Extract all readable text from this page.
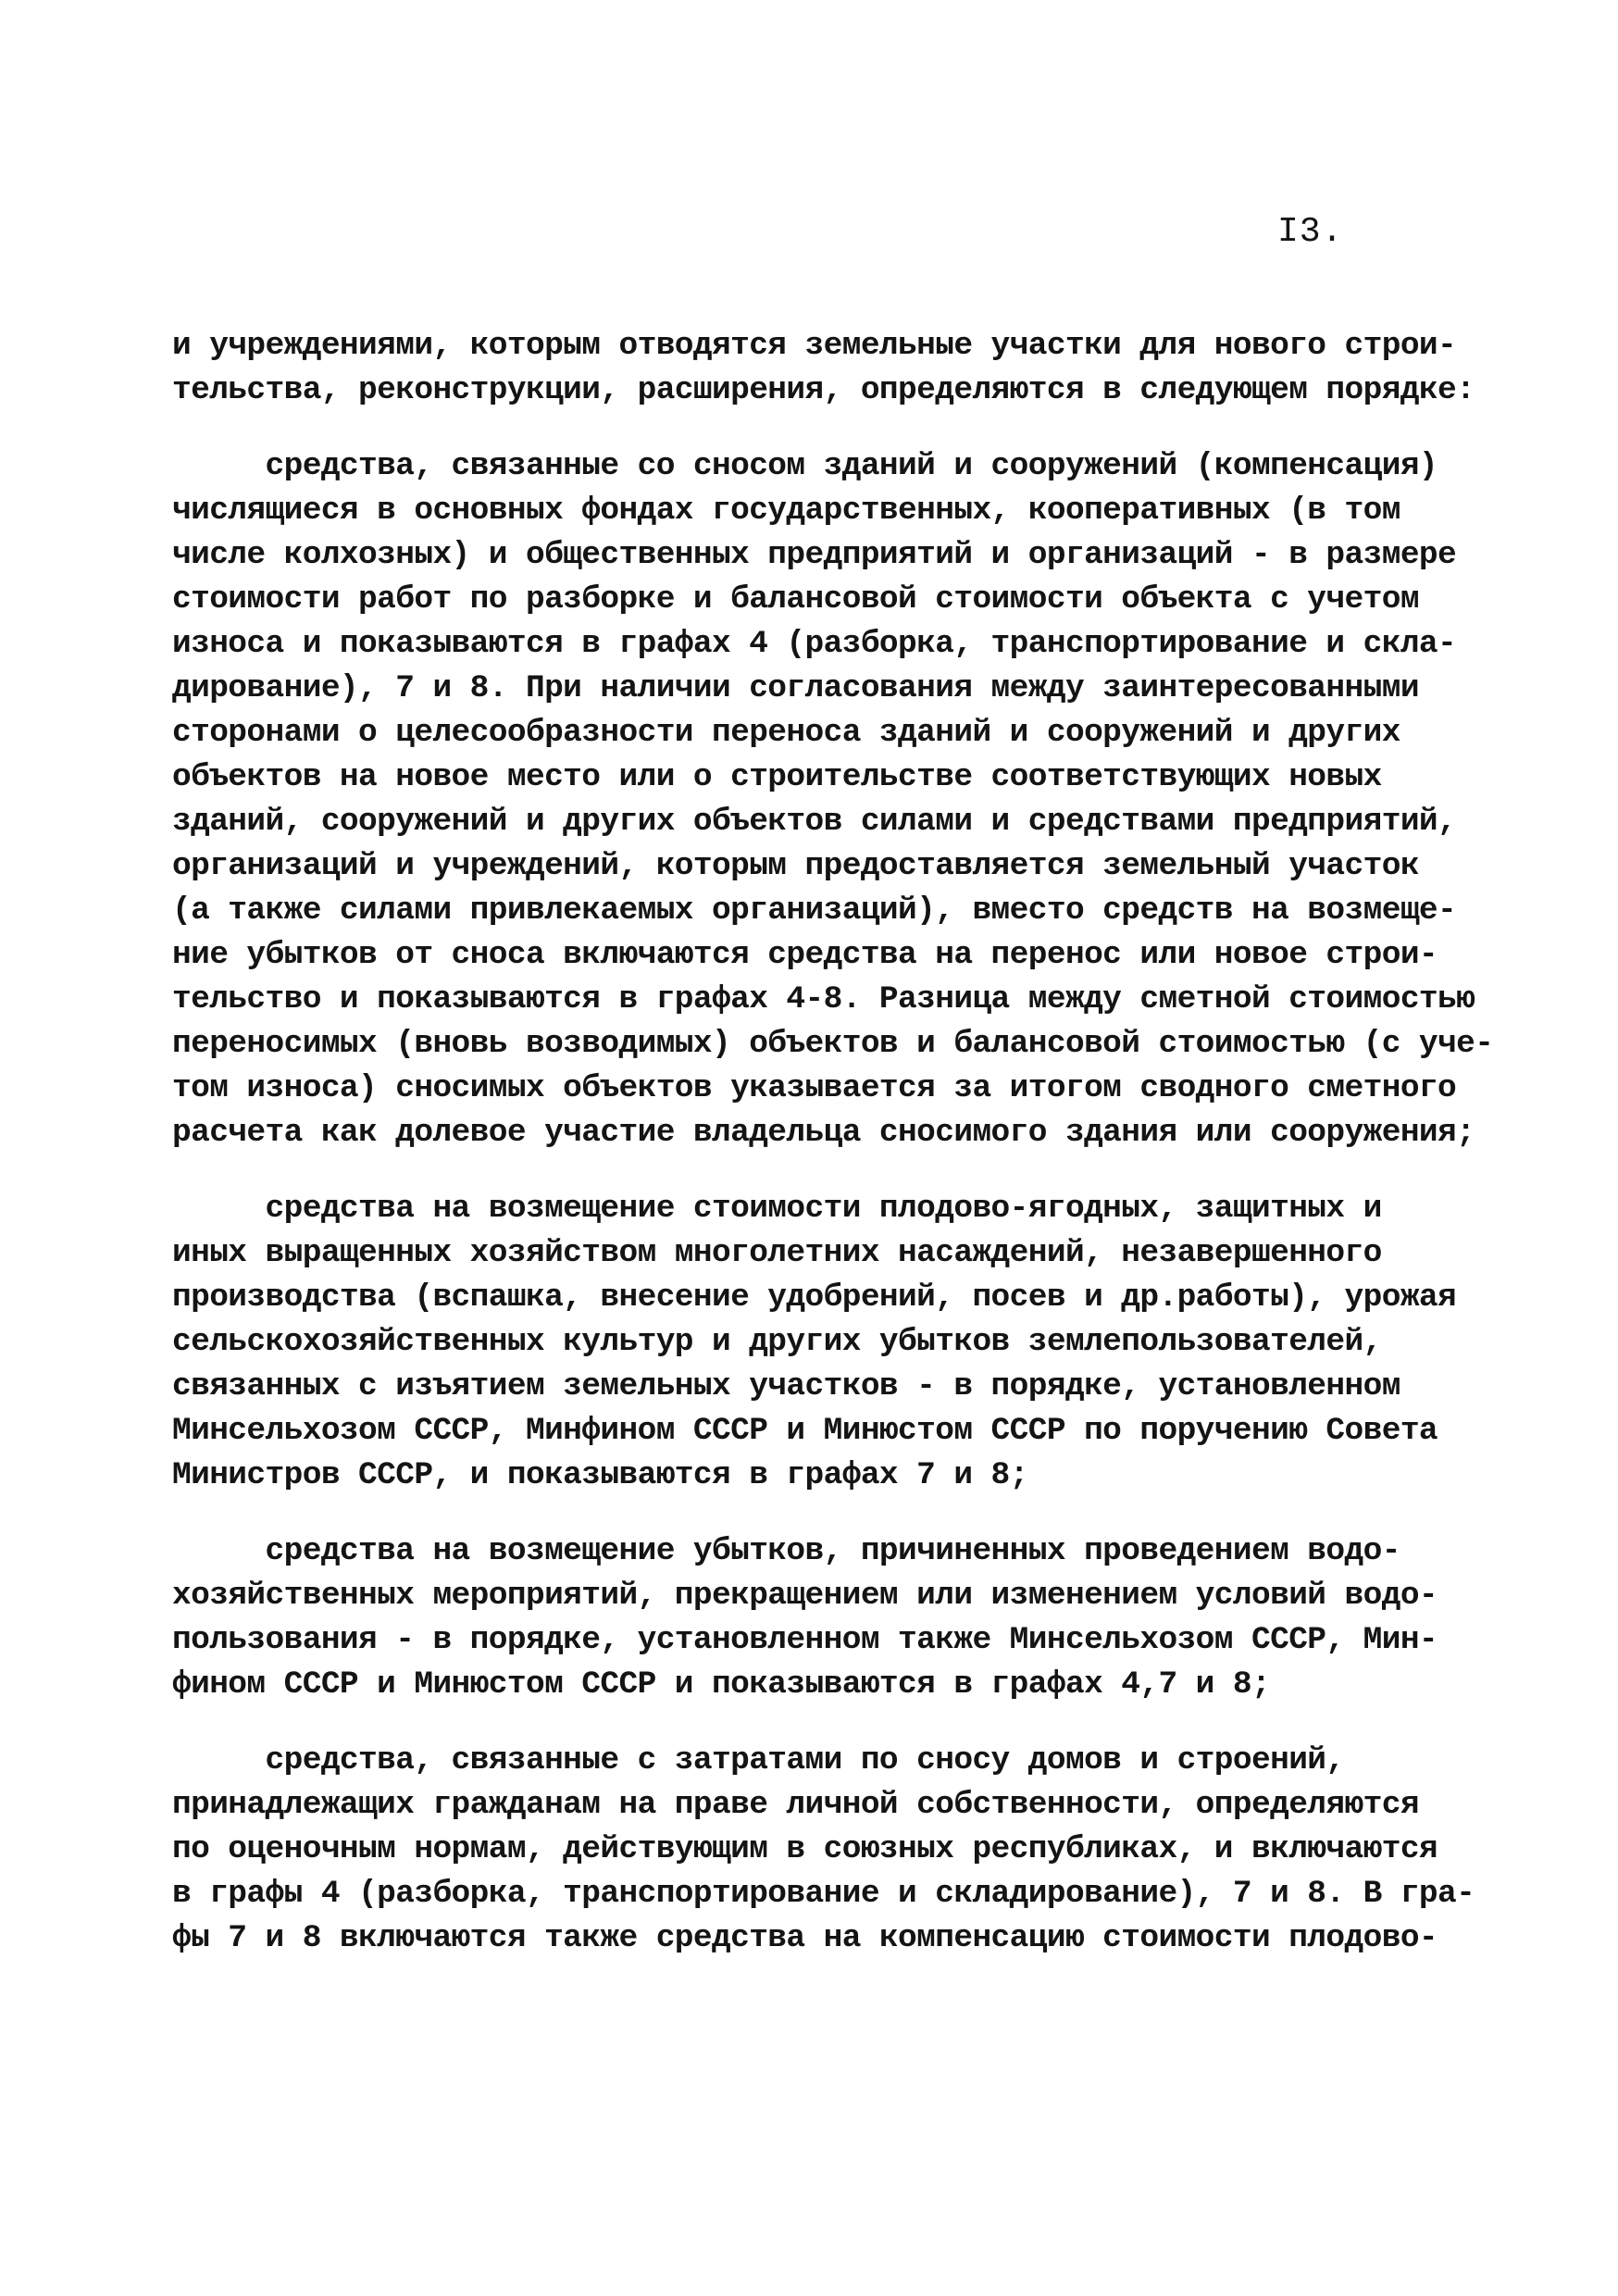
I3.
и учреждениями, которым отводятся земельные участки для нового строи-
тельства, реконструкции, расширения, определяются в следующем порядке:
средства, связанные со сносом зданий и сооружений (компенсация)
числящиеся в основных фондах государственных, кооперативных (в том
числе колхозных) и общественных предприятий и организаций - в размере
стоимости работ по разборке и балансовой стоимости объекта с учетом
износа и показываются в графах 4 (разборка, транспортирование и скла-
дирование), 7 и 8. При наличии согласования между заинтересованными
сторонами о целесообразности переноса зданий и сооружений и других
объектов на новое место или о строительстве соответствующих новых
зданий, сооружений и других объектов силами и средствами предприятий,
организаций и учреждений, которым предоставляется земельный участок
(а также силами привлекаемых организаций), вместо средств на возмеще-
ние убытков от сноса включаются средства на перенос или новое строи-
тельство и показываются в графах 4-8. Разница между сметной стоимостью
переносимых (вновь возводимых) объектов и балансовой стоимостью (с уче-
том износа) сносимых объектов указывается за итогом сводного сметного
расчета как долевое участие владельца сносимого здания или сооружения;
средства на возмещение стоимости плодово-ягодных, защитных и
иных выращенных хозяйством многолетних насаждений, незавершенного
производства (вспашка, внесение удобрений, посев и др.работы), урожая
сельскохозяйственных культур и других убытков землепользователей,
связанных с изъятием земельных участков - в порядке, установленном
Минсельхозом СССР, Минфином СССР и Минюстом СССР по поручению Совета
Министров СССР, и показываются в графах 7 и 8;
средства на возмещение убытков, причиненных проведением водо-
хозяйственных мероприятий, прекращением или изменением условий водо-
пользования - в порядке, установленном также Минсельхозом СССР, Мин-
фином СССР и Минюстом СССР и показываются в графах 4,7 и 8;
средства, связанные с затратами по сносу домов и строений,
принадлежащих гражданам на праве личной собственности, определяются
по оценочным нормам, действующим в союзных республиках, и включаются
в графы 4 (разборка, транспортирование и складирование), 7 и 8. В гра-
фы 7 и 8 включаются также средства на компенсацию стоимости плодово-
